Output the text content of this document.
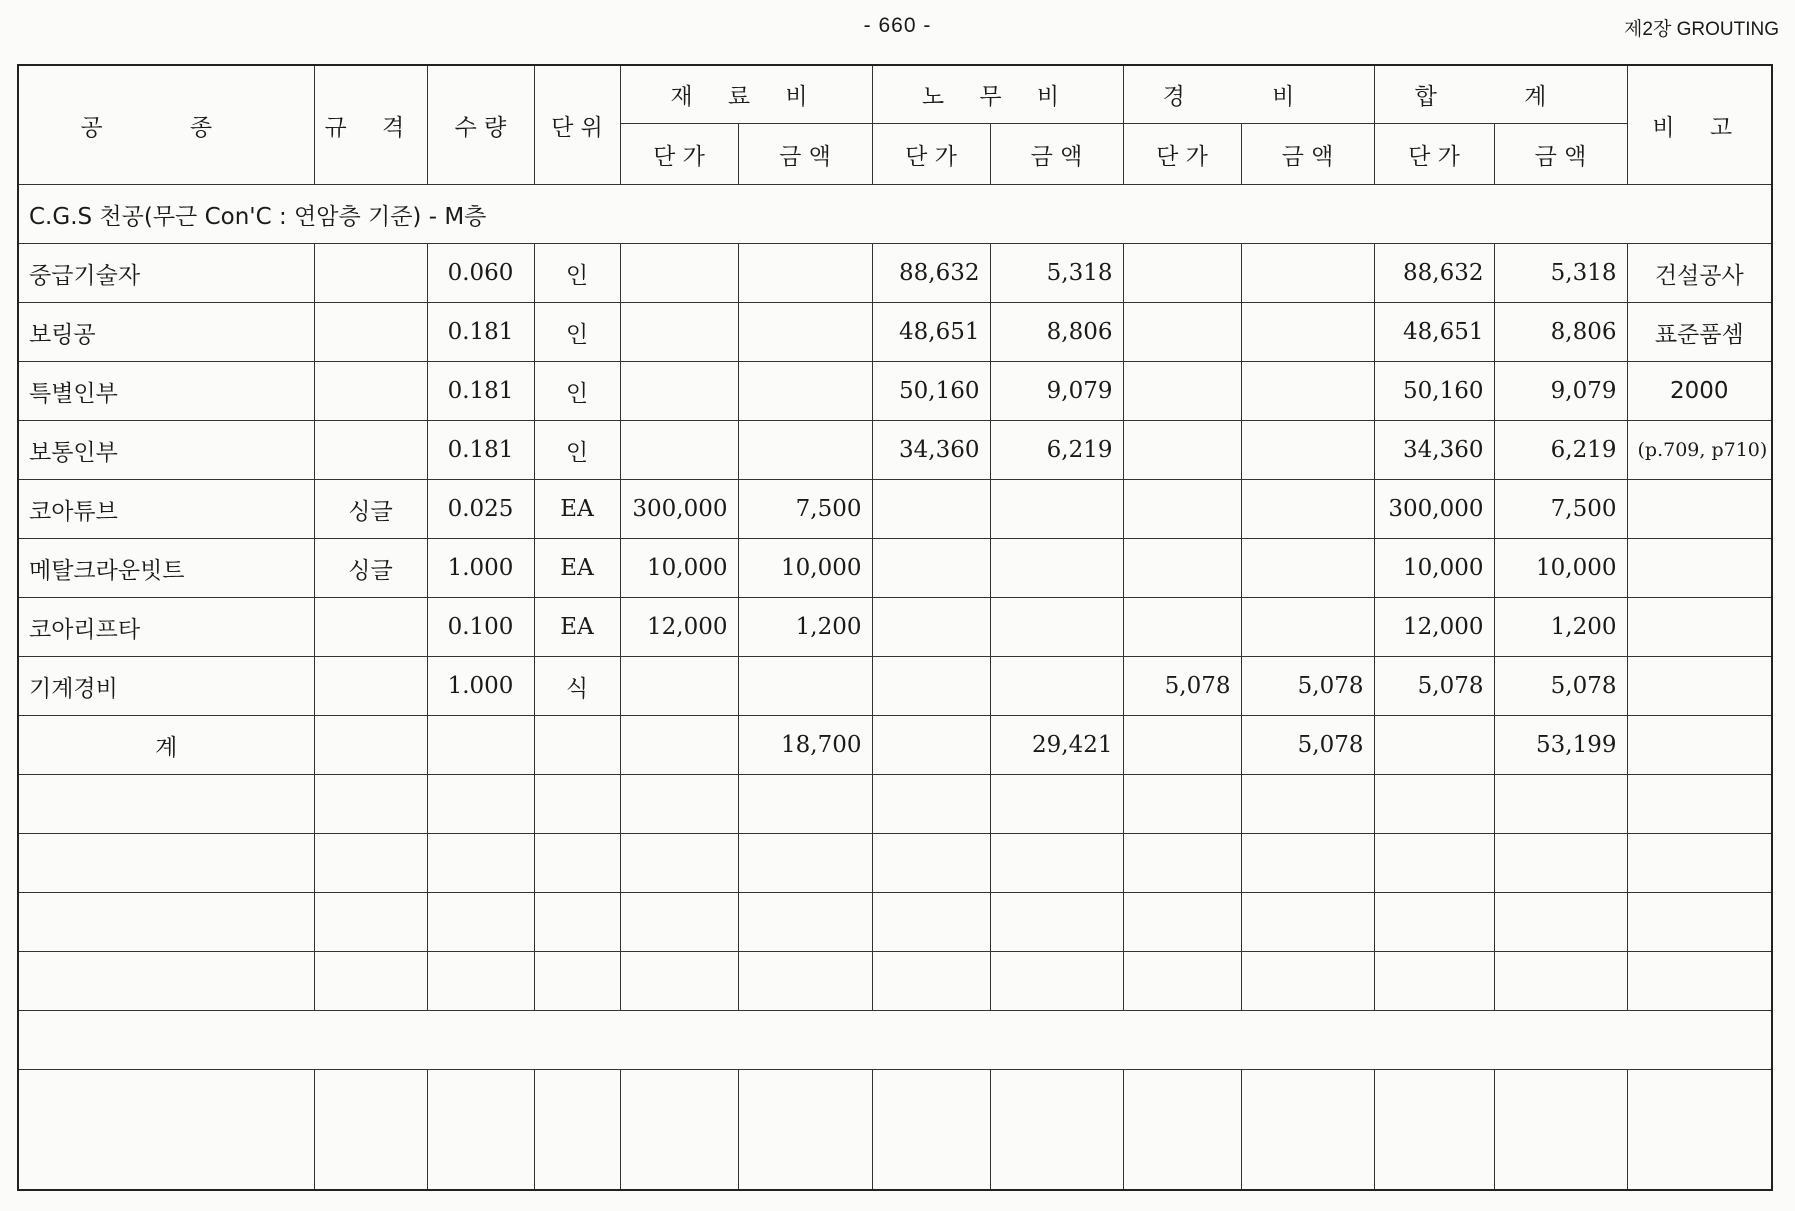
- 660 -	제2장 GROUTING
공 종	규 격	수 량	단 위	재 료 비		노 무 비		경 비		합 계		비 고
				단 가	금 액	단 가	금 액	단 가	금 액	단 가	금 액	
C.G.S 천공(무근 Con'C : 연암층 기준) - M층												
중급기술자		0.060	인			88,632	5,318			88,632	5,318	건설공사
보링공		0.181	인			48,651	8,806			48,651	8,806	표준품셈
특별인부		0.181	인			50,160	9,079			50,160	9,079	2000
보통인부		0.181	인			34,360	6,219			34,360	6,219	(p.709, p710)
코아튜브	싱글	0.025	EA	300,000	7,500					300,000	7,500	
메탈크라운빗트	싱글	1.000	EA	10,000	10,000					10,000	10,000	
코아리프타		0.100	EA	12,000	1,200					12,000	1,200	
기계경비		1.000	식					5,078	5,078	5,078	5,078	
계					18,700		29,421		5,078		53,199	
